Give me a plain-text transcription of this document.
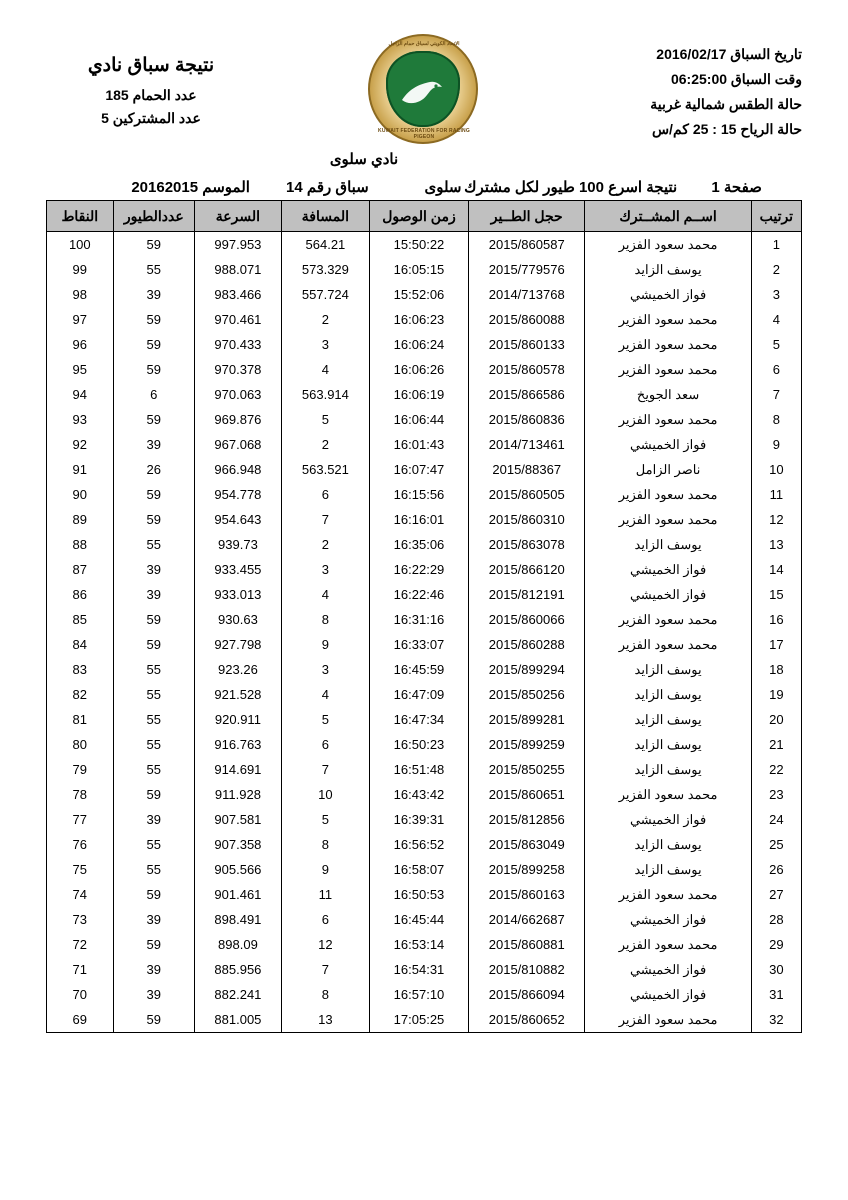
تاريخ السباق 2016/02/17
وقت السباق 06:25:00
حالة الطقس شمالية غربية
حالة الرياح 15 : 25 كم/س
الاتحاد الكويتي لسباق حمام الزاجل
KUWAIT FEDERATION FOR RACING PIGEON
نتيجة سباق نادي
عدد الحمام 185
عدد المشتركين 5
نادي سلوى
الموسم 20162015	سباق رقم 14	سلوى نتيجة اسرع 100 طيور لكل مشترك	صفحة 1
ترتيب	اســم المشــترك	حجل الطــير	زمن الوصول	المسافة	السرعة	عددالطيور	النقاط
1	محمد سعود الفزير	2015/860587	15:50:22	564.21	997.953	59	100
2	يوسف الزايد	2015/779576	16:05:15	573.329	988.071	55	99
3	فواز الخميشي	2014/713768	15:52:06	557.724	983.466	39	98
4	محمد سعود الفزير	2015/860088	16:06:23	2	970.461	59	97
5	محمد سعود الفزير	2015/860133	16:06:24	3	970.433	59	96
6	محمد سعود الفزير	2015/860578	16:06:26	4	970.378	59	95
7	سعد الجويخ	2015/866586	16:06:19	563.914	970.063	6	94
8	محمد سعود الفزير	2015/860836	16:06:44	5	969.876	59	93
9	فواز الخميشي	2014/713461	16:01:43	2	967.068	39	92
10	ناصر الزامل	2015/88367	16:07:47	563.521	966.948	26	91
11	محمد سعود الفزير	2015/860505	16:15:56	6	954.778	59	90
12	محمد سعود الفزير	2015/860310	16:16:01	7	954.643	59	89
13	يوسف الزايد	2015/863078	16:35:06	2	939.73	55	88
14	فواز الخميشي	2015/866120	16:22:29	3	933.455	39	87
15	فواز الخميشي	2015/812191	16:22:46	4	933.013	39	86
16	محمد سعود الفزير	2015/860066	16:31:16	8	930.63	59	85
17	محمد سعود الفزير	2015/860288	16:33:07	9	927.798	59	84
18	يوسف الزايد	2015/899294	16:45:59	3	923.26	55	83
19	يوسف الزايد	2015/850256	16:47:09	4	921.528	55	82
20	يوسف الزايد	2015/899281	16:47:34	5	920.911	55	81
21	يوسف الزايد	2015/899259	16:50:23	6	916.763	55	80
22	يوسف الزايد	2015/850255	16:51:48	7	914.691	55	79
23	محمد سعود الفزير	2015/860651	16:43:42	10	911.928	59	78
24	فواز الخميشي	2015/812856	16:39:31	5	907.581	39	77
25	يوسف الزايد	2015/863049	16:56:52	8	907.358	55	76
26	يوسف الزايد	2015/899258	16:58:07	9	905.566	55	75
27	محمد سعود الفزير	2015/860163	16:50:53	11	901.461	59	74
28	فواز الخميشي	2014/662687	16:45:44	6	898.491	39	73
29	محمد سعود الفزير	2015/860881	16:53:14	12	898.09	59	72
30	فواز الخميشي	2015/810882	16:54:31	7	885.956	39	71
31	فواز الخميشي	2015/866094	16:57:10	8	882.241	39	70
32	محمد سعود الفزير	2015/860652	17:05:25	13	881.005	59	69
